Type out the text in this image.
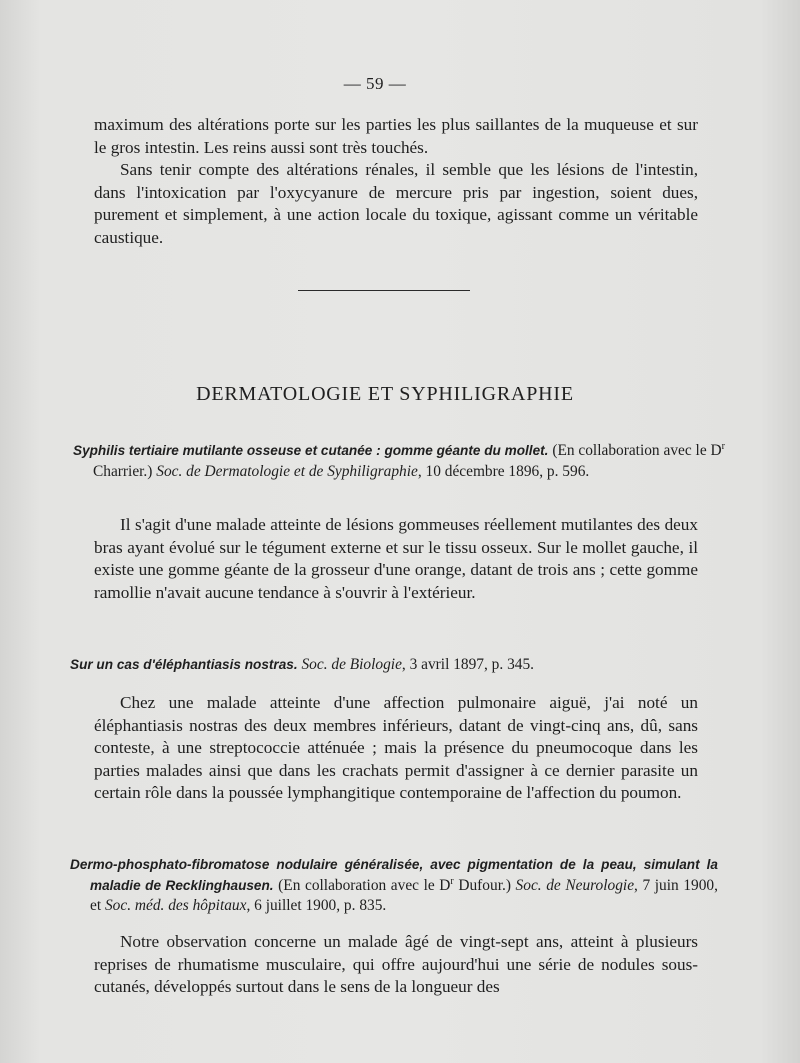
— 59 —

maximum des altérations porte sur les parties les plus saillantes de la muqueuse et sur le gros intestin. Les reins aussi sont très touchés.

Sans tenir compte des altérations rénales, il semble que les lésions de l'intestin, dans l'intoxication par l'oxycyanure de mercure pris par ingestion, soient dues, purement et simplement, à une action locale du toxique, agissant comme un véritable caustique.

DERMATOLOGIE ET SYPHILIGRAPHIE

Syphilis tertiaire mutilante osseuse et cutanée : gomme géante du mollet. (En collaboration avec le $D^r$ Charrier.) Soc. de Dermatologie et de Syphiligraphie, 10 décembre 1896, p. 596.

Il s'agit d'une malade atteinte de lésions gommeuses réellement mutilantes des deux bras ayant évolué sur le tégument externe et sur le tissu osseux. Sur le mollet gauche, il existe une gomme géante de la grosseur d'une orange, datant de trois ans ; cette gomme ramollie n'avait aucune tendance à s'ouvrir à l'extérieur.

Sur un cas d'éléphantiasis nostras. Soc. de Biologie, 3 avril 1897, p. 345.

Chez une malade atteinte d'une affection pulmonaire aiguë, j'ai noté un éléphantiasis nostras des deux membres inférieurs, datant de vingt-cinq ans, dû, sans conteste, à une streptococcie atténuée ; mais la présence du pneumocoque dans les parties malades ainsi que dans les crachats permit d'assigner à ce dernier parasite un certain rôle dans la poussée lymphangitique contemporaine de l'affection du poumon.

Dermo-phosphato-fibromatose nodulaire généralisée, avec pigmentation de la peau, simulant la maladie de Recklinghausen. (En collaboration avec le $D^r$ Dufour.) Soc. de Neurologie, 7 juin 1900, et Soc. méd. des hôpitaux, 6 juillet 1900, p. 835.

Notre observation concerne un malade âgé de vingt-sept ans, atteint à plusieurs reprises de rhumatisme musculaire, qui offre aujourd'hui une série de nodules sous-cutanés, développés surtout dans le sens de la longueur des
